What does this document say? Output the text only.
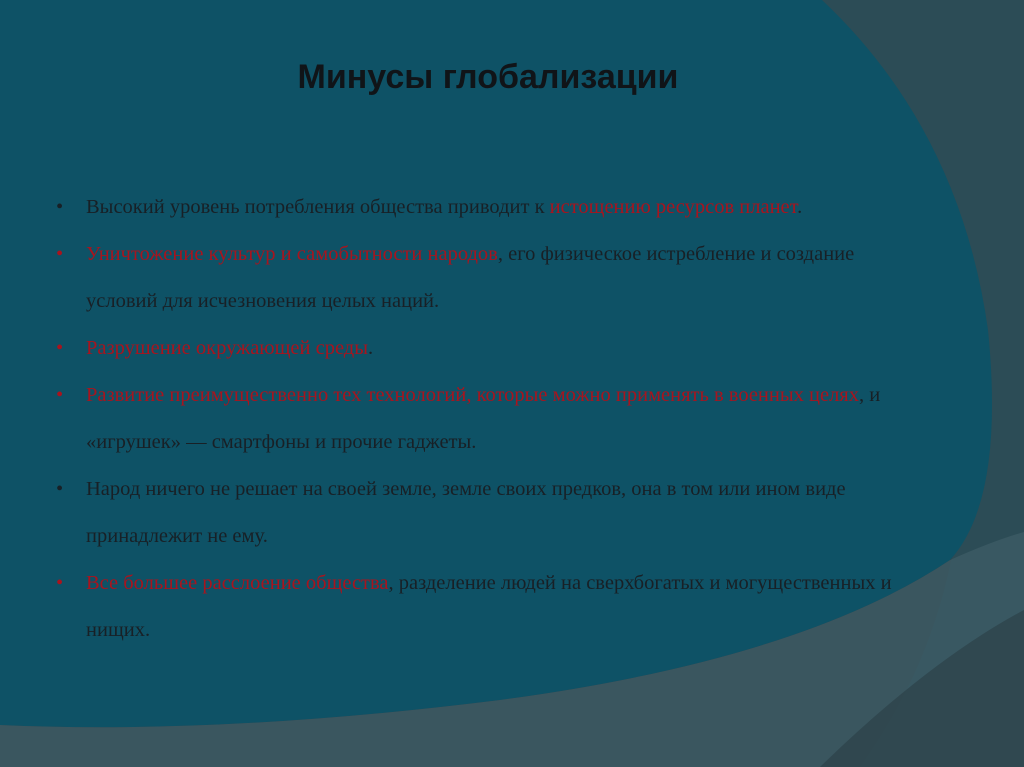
Минусы глобализации
• Высокий уровень потребления общества приводит к истощению ресурсов планет.
• Уничтожение культур и самобытности народов, его физическое истребление и создание условий для исчезновения целых наций.
• Разрушение окружающей среды.
• Развитие преимущественно тех технологий, которые можно применять в военных целях, и «игрушек» — смартфоны и прочие гаджеты.
• Народ ничего не решает на своей земле, земле своих предков, она в том или ином виде принадлежит не ему.
• Все большее расслоение общества, разделение людей на сверхбогатых и могущественных и нищих.
